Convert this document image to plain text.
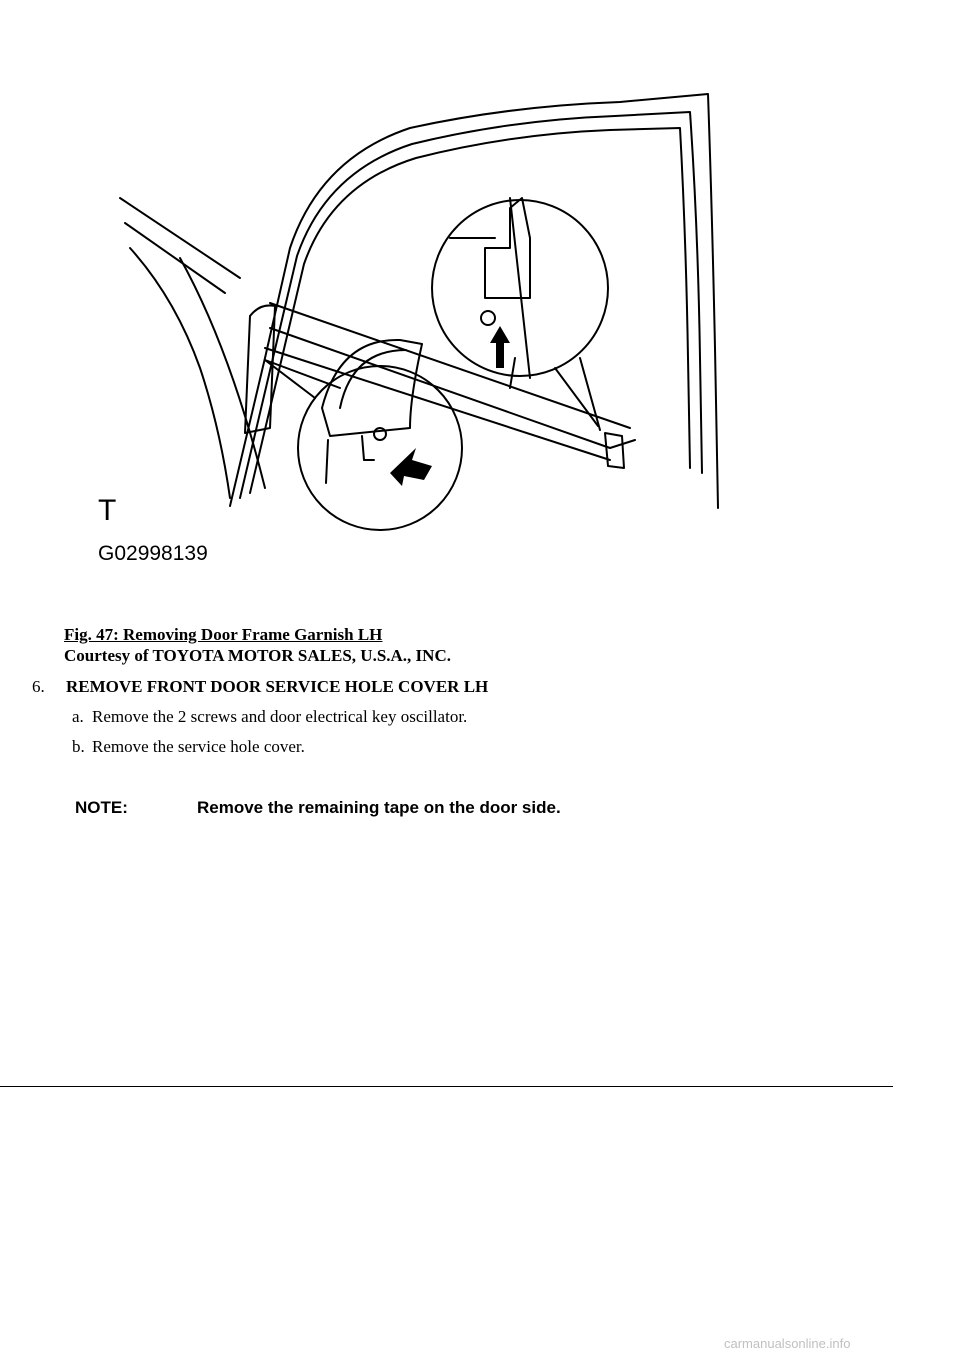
T
G02998139
Fig. 47: Removing Door Frame Garnish LH
Courtesy of TOYOTA MOTOR SALES, U.S.A., INC.
6. REMOVE FRONT DOOR SERVICE HOLE COVER LH
a. Remove the 2 screws and door electrical key oscillator.
b. Remove the service hole cover.
NOTE:	Remove the remaining tape on the door side.
carmanualsonline.info
